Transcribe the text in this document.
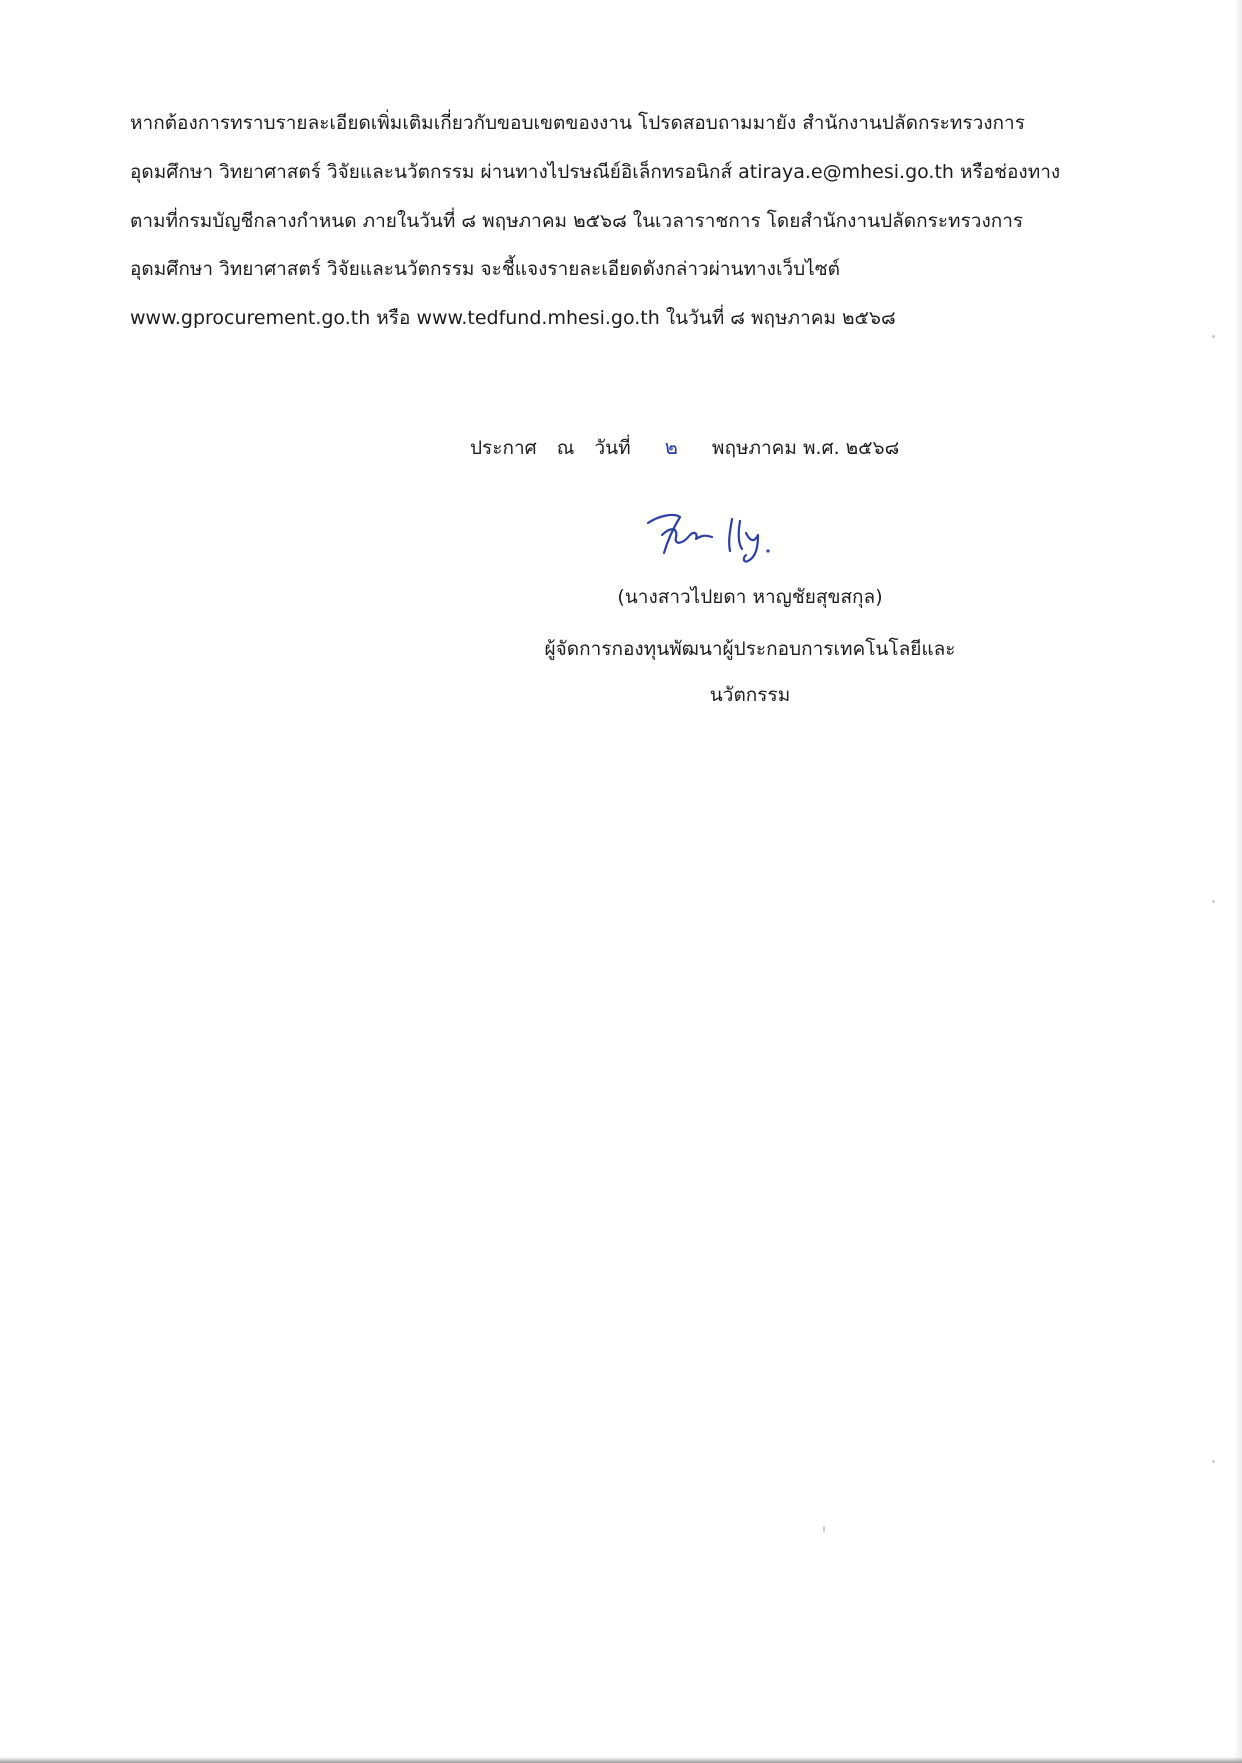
หากต้องการทราบรายละเอียดเพิ่มเติมเกี่ยวกับขอบเขตของงาน โปรดสอบถามมายัง สำนักงานปลัดกระทรวงการ
อุดมศึกษา วิทยาศาสตร์ วิจัยและนวัตกรรม ผ่านทางไปรษณีย์อิเล็กทรอนิกส์ atiraya.e@mhesi.go.th หรือช่องทาง
ตามที่กรมบัญชีกลางกำหนด ภายในวันที่ ๘ พฤษภาคม ๒๕๖๘ ในเวลาราชการ โดยสำนักงานปลัดกระทรวงการ
อุดมศึกษา วิทยาศาสตร์ วิจัยและนวัตกรรม จะชี้แจงรายละเอียดดังกล่าวผ่านทางเว็บไซต์
www.gprocurement.go.th หรือ www.tedfund.mhesi.go.th ในวันที่ ๘ พฤษภาคม ๒๕๖๘
ประกาศ ณ วันที่ ๒ พฤษภาคม พ.ศ. ๒๕๖๘
(นางสาวไปยดา หาญชัยสุขสกุล)
ผู้จัดการกองทุนพัฒนาผู้ประกอบการเทคโนโลยีและ
นวัตกรรม
